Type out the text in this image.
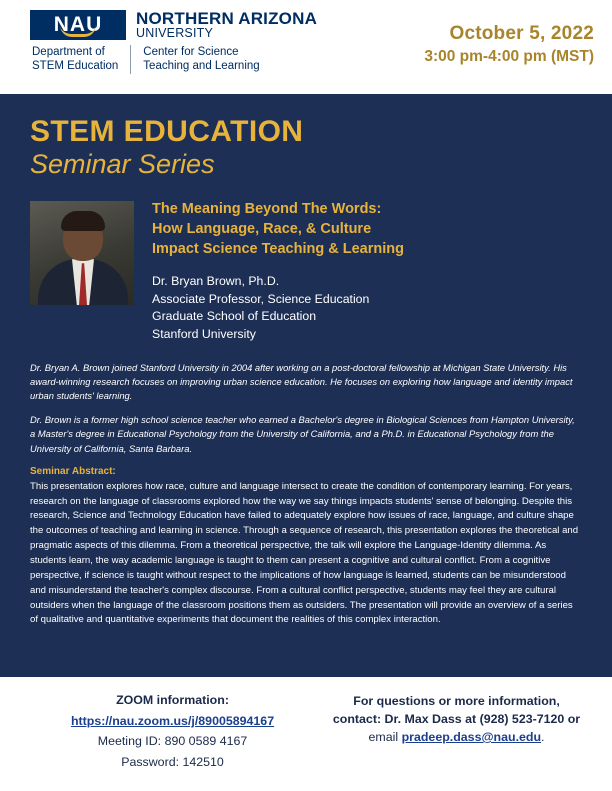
NAU NORTHERN ARIZONA
UNIVERSITY
Department of
STEM Education
Center for Science
Teaching and Learning
October 5, 2022
3:00 pm-4:00 pm (MST)
STEM EDUCATION
Seminar Series
The Meaning Beyond The Words:
How Language, Race, & Culture
Impact Science Teaching & Learning
Dr. Bryan Brown, Ph.D.
Associate Professor, Science Education
Graduate School of Education
Stanford University

Dr. Bryan A. Brown joined Stanford University in 2004 after working on a post-doctoral fellowship at Michigan State University. His award-winning research focuses on improving urban science education. He focuses on exploring how language and identity impact urban students' learning.

Dr. Brown is a former high school science teacher who earned a Bachelor's degree in Biological Sciences from Hampton University, a Master's degree in Educational Psychology from the University of California, and a Ph.D. in Educational Psychology from the University of California, Santa Barbara.

Seminar Abstract:
This presentation explores how race, culture and language intersect to create the condition of contemporary learning. For years, research on the language of classrooms explored how the way we say things impacts students' sense of belonging. Despite this research, Science and Technology Education have failed to adequately explore how issues of race, language, and culture shape the outcomes of teaching and learning in science. Through a sequence of research, this presentation explores the theoretical and pragmatic aspects of this dilemma. From a theoretical perspective, the talk will explore the Language-Identity dilemma. As students learn, the way academic language is taught to them can present a cognitive and cultural conflict. From a cognitive perspective, if science is taught without respect to the implications of how language is learned, students can be misunderstood and misunderstand the teacher's complex discourse. From a cultural conflict perspective, students may feel they are cultural outsiders when the language of the classroom positions them as outsiders. The presentation will provide an overview of a series of qualitative and quantitative experiments that document the realities of this complex interaction.
ZOOM information:
https://nau.zoom.us/j/89005894167
Meeting ID: 890 0589 4167
Password: 142510
For questions or more information,
contact: Dr. Max Dass at (928) 523-7120 or
email pradeep.dass@nau.edu.
